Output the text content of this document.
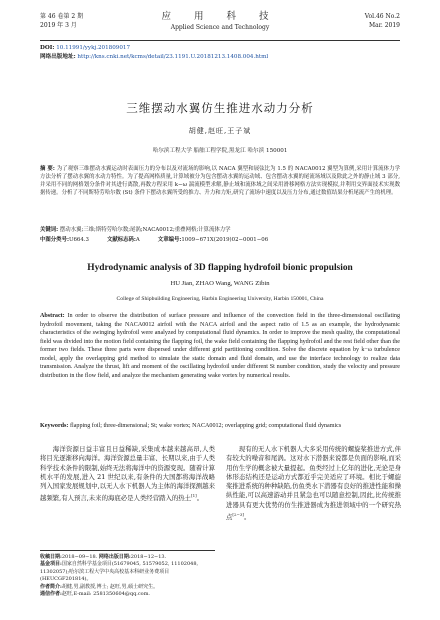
第 46 卷第 2 期
2019 年 3 月
应 用 科 技
Applied Science and Technology
Vol.46 No.2
Mar. 2019
DOI: 10.11991/yykj.201809017
网络出版地址: http://kns.cnki.net/kcms/detail/23.1191.U.20181213.1408.004.html
三维摆动水翼仿生推进水动力分析
胡健,赵旺,王子斌
哈尔滨工程大学 船舶工程学院,黑龙江 哈尔滨 150001
摘 要: 为了观察三维摆动水翼运动时表面压力的分布以及对流场的影响,以 NACA 翼型和展弦比为 1.5 的 NACA0012 翼型为算例,采用计算流体力学方法分析了摆动水翼的水动力特性。为了提高网格质量,计算域被分为包含摆动水翼的运动域、包含摆动水翼的尾流场域以及除此之外的静止域 3 部分,并采用不同的网格划分条件对其进行离散,再数方程采用 k−ω 湍流模型求解,静止域和流体域之间采用滑移网格方法实现模拟,并利用交界面技术实现数据传递。分析了不同斯特劳哈尔数 (St) 条件下摆动水翼所受的推力、升力和力矩,研究了流场中速度以及压力分布,通过数值结果分析尾流产生的机理。
关键词: 摆动水翼;三维;斯特劳哈尔数;尾涡;NACA0012;重叠网格;计算流体力学
中图分类号:U664.3	文献标志码:A	文章编号:1009−671X(2019)02−0001−06
Hydrodynamic analysis of 3D flapping hydrofoil bionic propulsion
HU Jian, ZHAO Wang, WANG Zibin
College of Shipbuilding Engineering, Harbin Engineering University, Harbin 150001, China
Abstract: In order to observe the distribution of surface pressure and influence of the convection field in the three-dimensional oscillating hydrofoil movement, taking the NACA0012 airfoil with the NACA airfoil and the aspect ratio of 1.5 as an example, the hydrodynamic characteristics of the swinging hydrofoil were analyzed by computational fluid dynamics. In order to improve the mesh quality, the computational field was divided into the motion field containing the flapping foil, the wake field containing the flapping hydrofoil and the rest field other than the former two fields. These three parts were dispersed under different grid partitioning condition. Solve the discrete equation by k−ω turbulence model, apply the overlapping grid method to simulate the static domain and fluid domain, and use the interface technology to realize data transmission. Analyze the thrust, lift and moment of the oscillating hydrofoil under different St number condition, study the velocity and pressure distribution in the flow field, and analyze the mechanism generating wake vortex by numerical results.
Keywords: flapping foil; three-dimensional; St; wake vortex; NACA0012; overlapping grid; computational fluid dynamics

海洋资源日益丰富且日益稀缺,采集成本越来越高昂,人类将目光逐渐移向海洋。海洋资源总量丰富、长期以来,由于人类科学技术条件的限制,始终无法将海洋中的资源变现。随着计算机水平的发展,进入 21 世纪以来,有条件的大国都将海洋战略列入国家发展规划中,以无人水下机器人为主体的海洋探测越来越频繁,有人预言,未来的海底必是人类经营踏入的热土[1]。

现有的无人水下机器人大多采用传统的螺旋桨推进方式,伴有较大的噪音和尾涡。这对水下潜器来说都是负面的影响,而采用仿生学的概念被大量提起。鱼类经过上亿年的进化,无论是身体形态结构还是运动方式都近乎完美适应了环境。相比于螺旋桨推进系统的种种缺陷,仿鱼类水下潜器有良好的推进性能和操纵性能,可以高速游动并且紧急也可以随意控制,因此,比传统推进器具有更大优势的仿生推进器成为推进领域中的一个研究热点[2−3]。

收稿日期:2018−09−18. 网络出版日期:2018−12−13.
基金项目:国家自然科学基金项目(51679045, 51579052, 11102048, 11302057);哈尔滨工程大学中央高校基本科研业务费项目(HEUCGF201814)。
作者简介:胡健,男,副教授,博士; 赵旺,男,硕士研究生。
通信作者:赵旺,E-mail: 2581350604@qq.com.
